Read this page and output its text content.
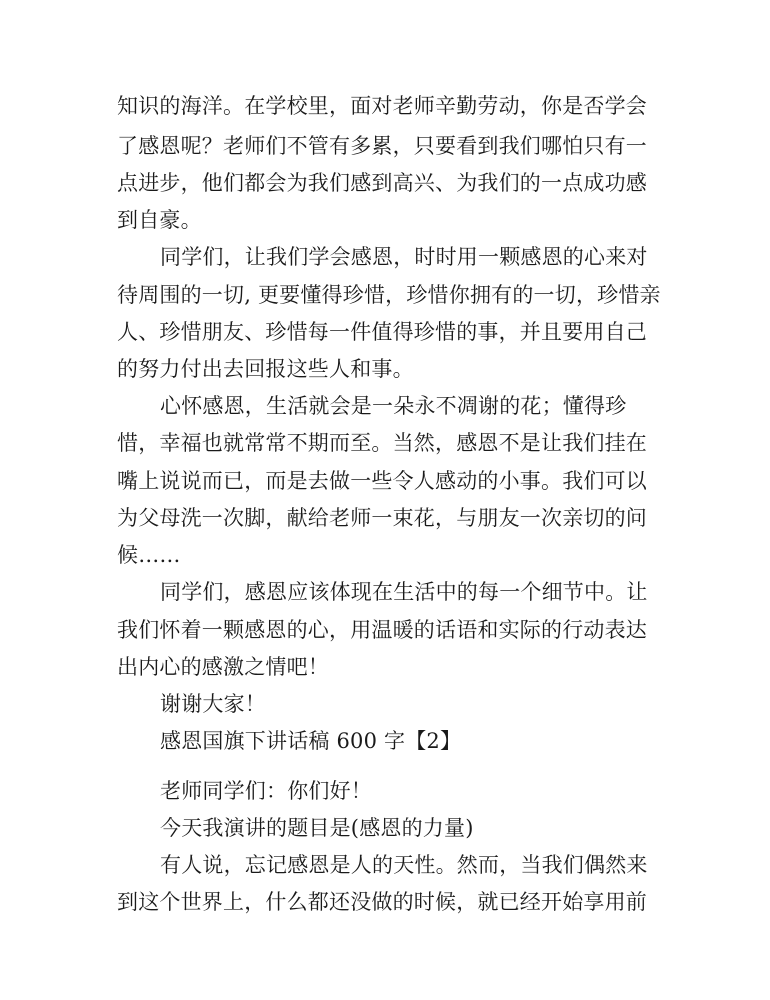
知识的海洋。在学校里，面对老师辛勤劳动，你是否学会
了感恩呢？老师们不管有多累，只要看到我们哪怕只有一
点进步，他们都会为我们感到高兴、为我们的一点成功感
到自豪。
同学们，让我们学会感恩，时时用一颗感恩的心来对
待周围的一切, 更要懂得珍惜，珍惜你拥有的一切，珍惜亲
人、珍惜朋友、珍惜每一件值得珍惜的事，并且要用自己
的努力付出去回报这些人和事。
心怀感恩，生活就会是一朵永不凋谢的花；懂得珍
惜，幸福也就常常不期而至。当然，感恩不是让我们挂在
嘴上说说而已，而是去做一些令人感动的小事。我们可以
为父母洗一次脚，献给老师一束花，与朋友一次亲切的问
候……
同学们，感恩应该体现在生活中的每一个细节中。让
我们怀着一颗感恩的心，用温暖的话语和实际的行动表达
出内心的感激之情吧！
谢谢大家！
感恩国旗下讲话稿 600 字【2】
老师同学们：你们好！
今天我演讲的题目是(感恩的力量)
有人说，忘记感恩是人的天性。然而，当我们偶然来
到这个世界上，什么都还没做的时候，就已经开始享用前
